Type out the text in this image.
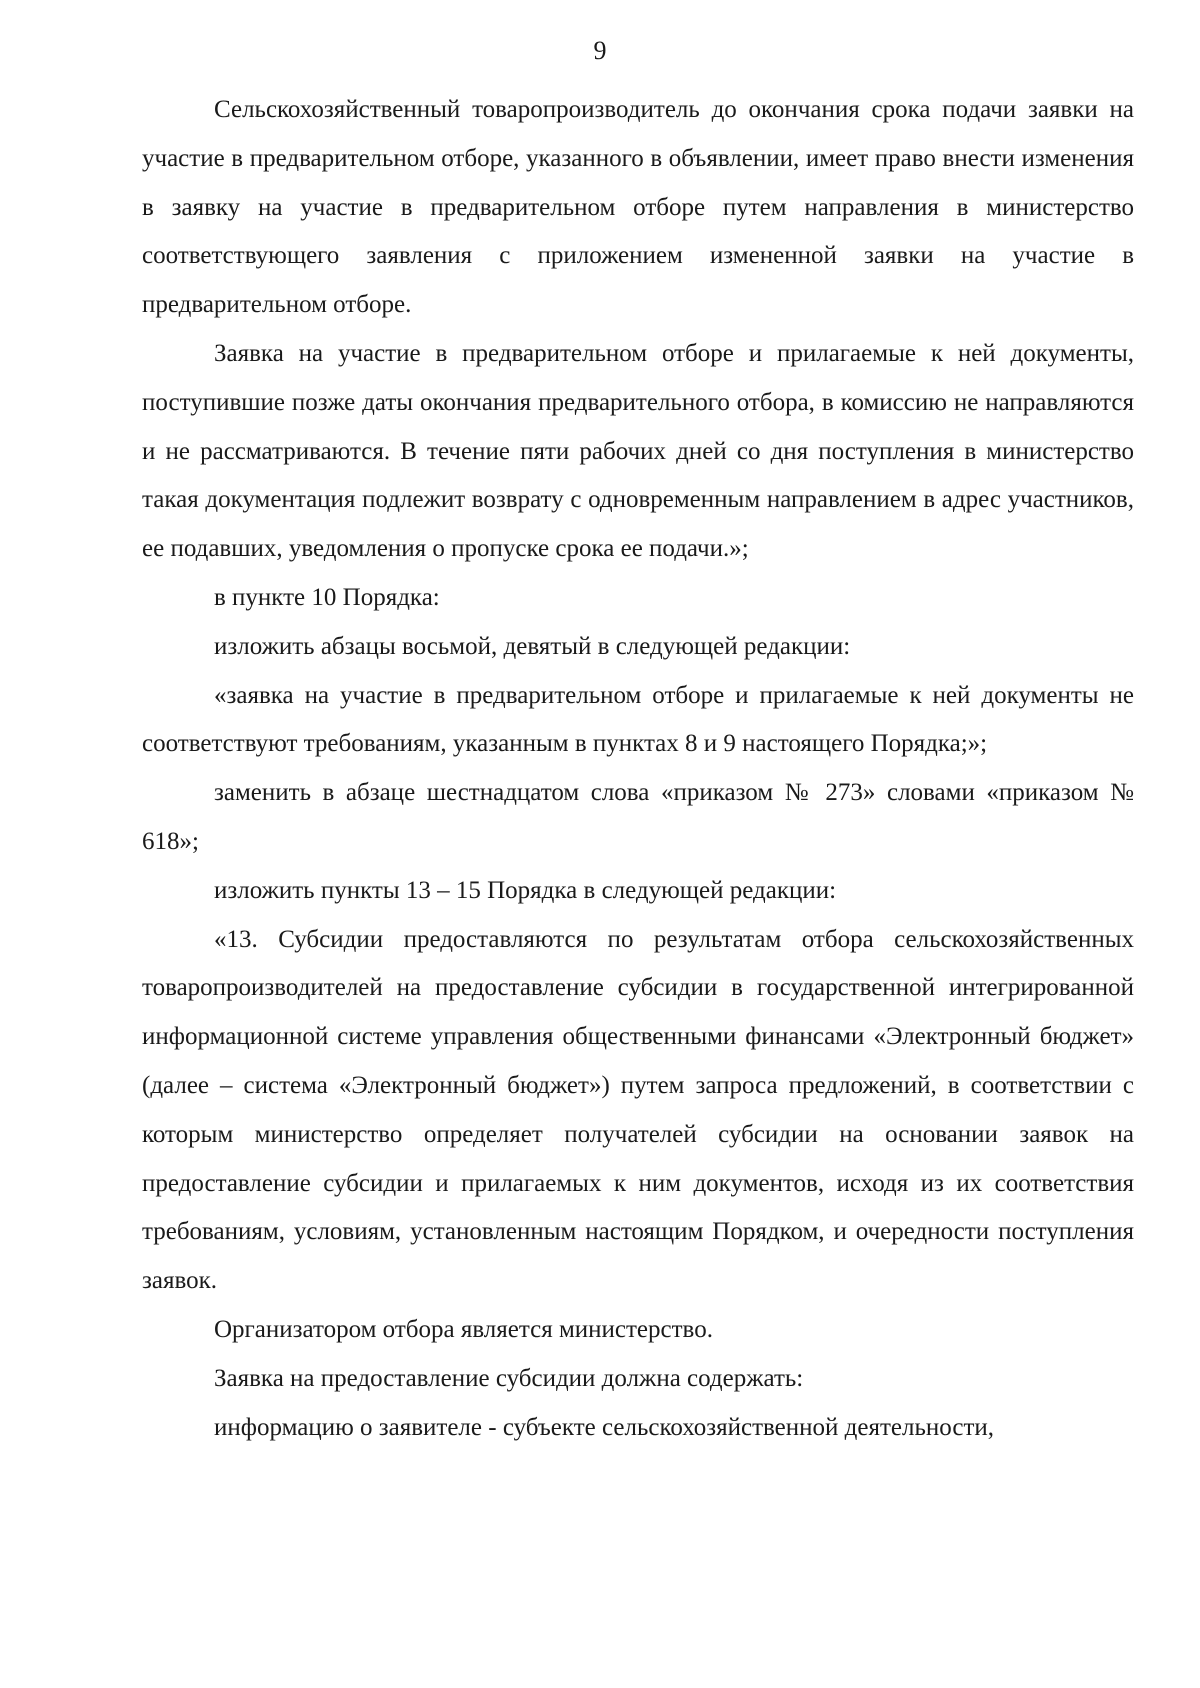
9

Сельскохозяйственный товаропроизводитель до окончания срока подачи заявки на участие в предварительном отборе, указанного в объявлении, имеет право внести изменения в заявку на участие в предварительном отборе путем направления в министерство соответствующего заявления с приложением измененной заявки на участие в предварительном отборе.

Заявка на участие в предварительном отборе и прилагаемые к ней документы, поступившие позже даты окончания предварительного отбора, в комиссию не направляются и не рассматриваются. В течение пяти рабочих дней со дня поступления в министерство такая документация подлежит возврату с одновременным направлением в адрес участников, ее подавших, уведомления о пропуске срока ее подачи.»;

в пункте 10 Порядка:

изложить абзацы восьмой, девятый в следующей редакции:

«заявка на участие в предварительном отборе и прилагаемые к ней документы не соответствуют требованиям, указанным в пунктах 8 и 9 настоящего Порядка;»;

заменить в абзаце шестнадцатом слова «приказом № 273» словами «приказом № 618»;

изложить пункты 13 – 15 Порядка в следующей редакции:

«13. Субсидии предоставляются по результатам отбора сельскохозяйственных товаропроизводителей на предоставление субсидии в государственной интегрированной информационной системе управления общественными финансами «Электронный бюджет» (далее – система «Электронный бюджет») путем запроса предложений, в соответствии с которым министерство определяет получателей субсидии на основании заявок на предоставление субсидии и прилагаемых к ним документов, исходя из их соответствия требованиям, условиям, установленным настоящим Порядком, и очередности поступления заявок.

Организатором отбора является министерство.

Заявка на предоставление субсидии должна содержать:

информацию о заявителе - субъекте сельскохозяйственной деятельности,
